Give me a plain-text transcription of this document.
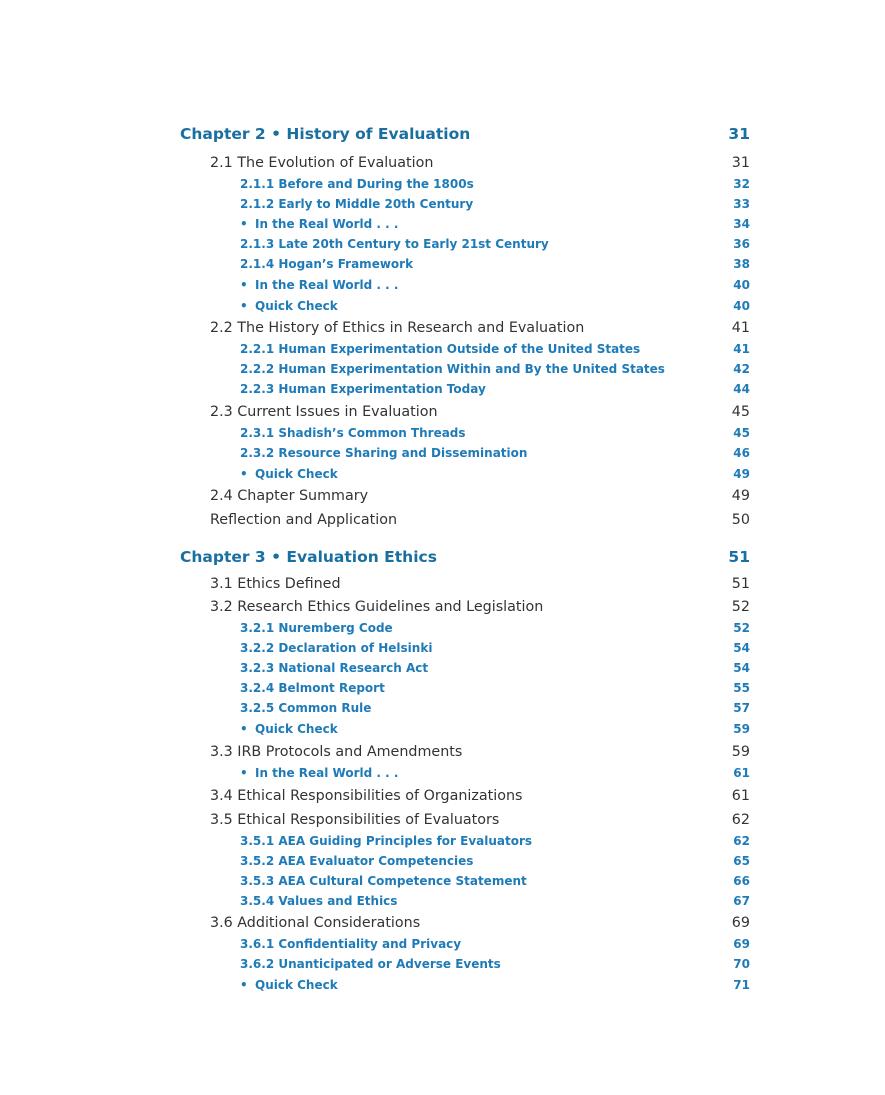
Chapter 2 • History of Evaluation	31
2.1 The Evolution of Evaluation	31
2.1.1 Before and During the 1800s	32
2.1.2 Early to Middle 20th Century	33
• In the Real World . . .	34
2.1.3 Late 20th Century to Early 21st Century	36
2.1.4 Hogan’s Framework	38
• In the Real World . . .	40
• Quick Check	40
2.2 The History of Ethics in Research and Evaluation	41
2.2.1 Human Experimentation Outside of the United States	41
2.2.2 Human Experimentation Within and By the United States	42
2.2.3 Human Experimentation Today	44
2.3 Current Issues in Evaluation	45
2.3.1 Shadish’s Common Threads	45
2.3.2 Resource Sharing and Dissemination	46
• Quick Check	49
2.4 Chapter Summary	49
Reflection and Application	50
Chapter 3 • Evaluation Ethics	51
3.1 Ethics Defined	51
3.2 Research Ethics Guidelines and Legislation	52
3.2.1 Nuremberg Code	52
3.2.2 Declaration of Helsinki	54
3.2.3 National Research Act	54
3.2.4 Belmont Report	55
3.2.5 Common Rule	57
• Quick Check	59
3.3 IRB Protocols and Amendments	59
• In the Real World . . .	61
3.4 Ethical Responsibilities of Organizations	61
3.5 Ethical Responsibilities of Evaluators	62
3.5.1 AEA Guiding Principles for Evaluators	62
3.5.2 AEA Evaluator Competencies	65
3.5.3 AEA Cultural Competence Statement	66
3.5.4 Values and Ethics	67
3.6 Additional Considerations	69
3.6.1 Confidentiality and Privacy	69
3.6.2 Unanticipated or Adverse Events	70
• Quick Check	71
